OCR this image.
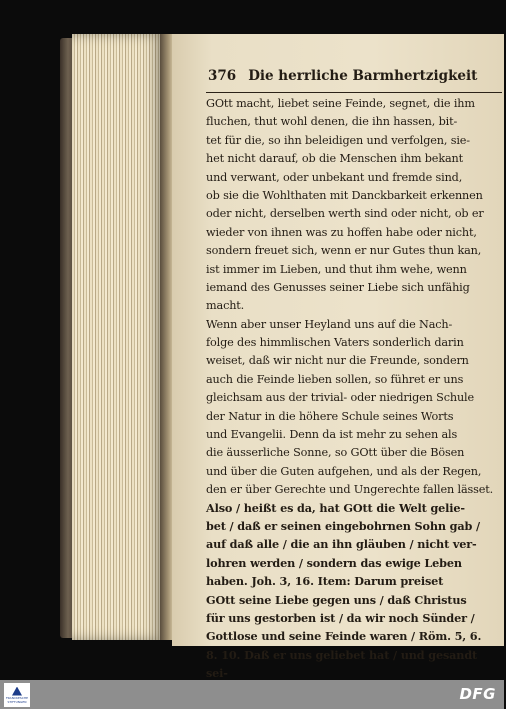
376 Die herrliche Barmhertzigkeit
GOtt macht, liebet seine Feinde, segnet, die ihm
fluchen, thut wohl denen, die ihn hassen, bit-
tet für die, so ihn beleidigen und verfolgen, sie-
het nicht darauf, ob die Menschen ihm bekant
und verwant, oder unbekant und fremde sind,
ob sie die Wohlthaten mit Danckbarkeit erkennen
oder nicht, derselben werth sind oder nicht, ob er
wieder von ihnen was zu hoffen habe oder nicht,
sondern freuet sich, wenn er nur Gutes thun kan,
ist immer im Lieben, und thut ihm wehe, wenn
iemand des Genusses seiner Liebe sich unfähig
macht.
Wenn aber unser Heyland uns auf die Nach-
folge des himmlischen Vaters sonderlich darin
weiset, daß wir nicht nur die Freunde, sondern
auch die Feinde lieben sollen, so führet er uns
gleichsam aus der trivial- oder niedrigen Schule
der Natur in die höhere Schule seines Worts
und Evangelii. Denn da ist mehr zu sehen als
die äusserliche Sonne, so GOtt über die Bösen
und über die Guten aufgehen, und als der Regen,
den er über Gerechte und Ungerechte fallen lässet.
Also / heißt es da, hat GOtt die Welt gelie-
bet / daß er seinen eingebohrnen Sohn gab /
auf daß alle / die an ihn gläuben / nicht ver-
lohren werden / sondern das ewige Leben
haben. Joh. 3, 16. Item: Darum preiset
GOtt seine Liebe gegen uns / daß Christus
für uns gestorben ist / da wir noch Sünder /
Gottlose und seine Feinde waren / Röm. 5, 6.
8. 10. Daß er uns geliebet hat / und gesandt
sei-
FRANCKESCHE
STIFTUNGEN	DFG
